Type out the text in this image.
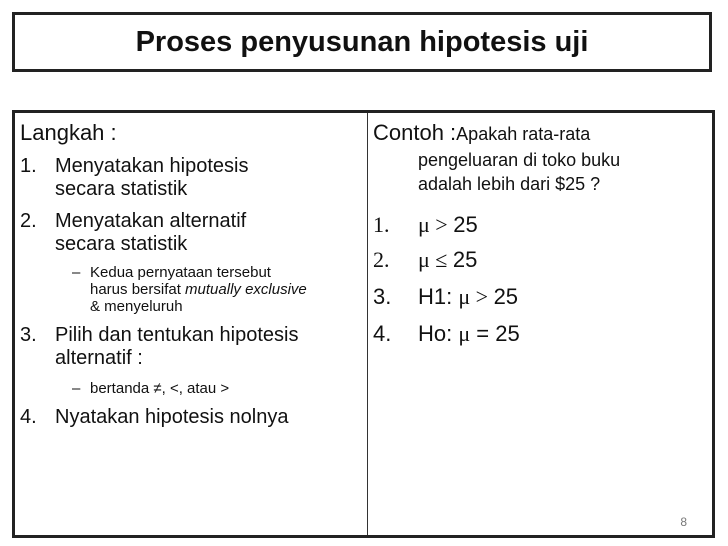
Proses penyusunan hipotesis uji
Langkah :
1. Menyatakan hipotesis
secara statistik
2. Menyatakan alternatif
secara statistik
– Kedua pernyataan tersebut
harus bersifat mutually exclusive
& menyeluruh
3. Pilih dan tentukan hipotesis
alternatif :
– bertanda ≠, <, atau >
4. Nyatakan hipotesis nolnya
Contoh :Apakah rata-rata
pengeluaran di toko buku
adalah lebih dari $25 ?
1. μ > 25
2. μ ≤ 25
3. H1: μ > 25
4. Ho: μ = 25
8
